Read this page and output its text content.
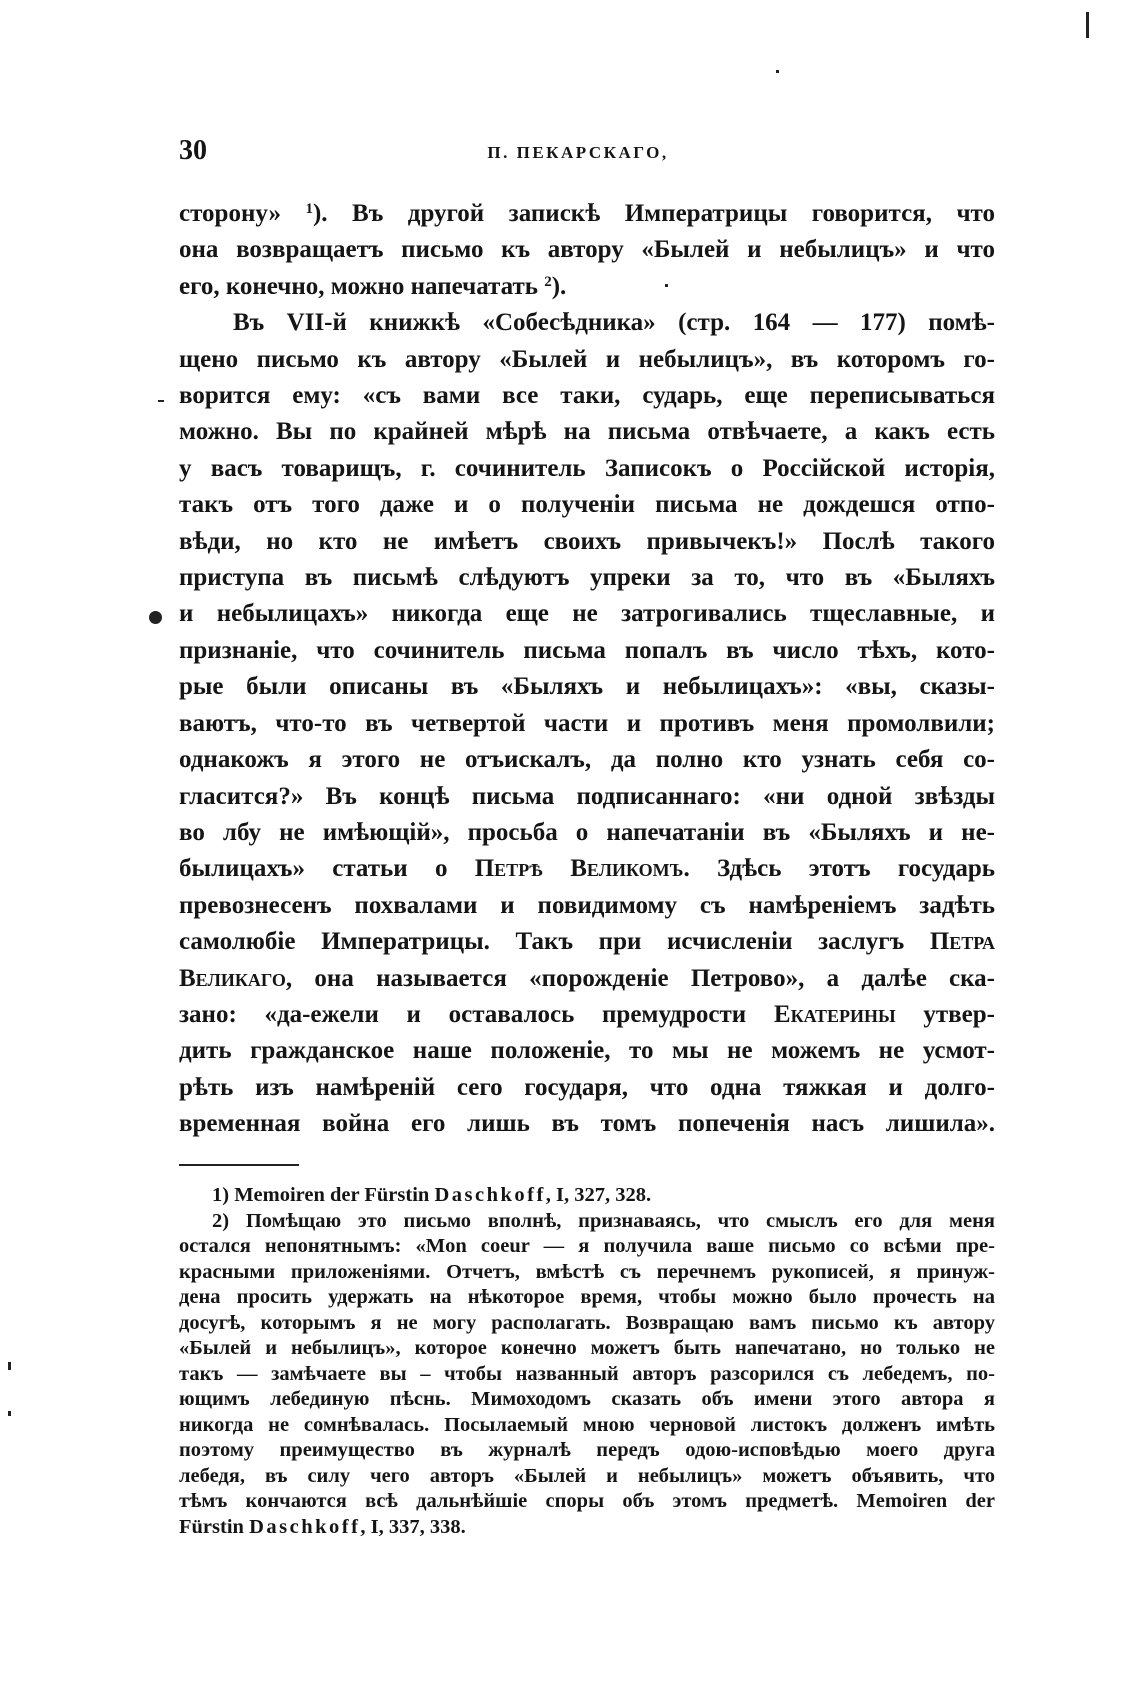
30	П. ПЕКАРСКАГО,
сторону» $^1$). Въ другой запискѣ Императрицы говорится, что
она возвращаетъ письмо къ автору «Былей и небылицъ» и что
его, конечно, можно напечатать $^2$).
Въ VII-й книжкѣ «Собесѣдника» (стр. 164 — 177) помѣ-
щено письмо къ автору «Былей и небылицъ», въ которомъ го-
ворится ему: «съ вами все таки, сударь, еще переписываться
можно. Вы по крайней мѣрѣ на письма отвѣчаете, а какъ есть
у васъ товарищъ, г. сочинитель Записокъ о Россійской исторія,
такъ отъ того даже и о полученіи письма не дождешся отпо-
вѣди, но кто не имѣетъ своихъ привычекъ!» Послѣ такого
приступа въ письмѣ слѣдуютъ упреки за то, что въ «Быляхъ
и небылицахъ» никогда еще не затрогивались тщеславные, и
признаніе, что сочинитель письма попалъ въ число тѣхъ, кото-
рые были описаны въ «Быляхъ и небылицахъ»: «вы, сказы-
ваютъ, что-то въ четвертой части и противъ меня промолвили;
однакожъ я этого не отъискалъ, да полно кто узнать себя со-
гласится?» Въ концѣ письма подписаннаго: «ни одной звѣзды
во лбу не имѣющій», просьба о напечатаніи въ «Быляхъ и не-
былицахъ» статьи о Петрѣ Великомъ. Здѣсь этотъ государь
превознесенъ похвалами и повидимому съ намѣреніемъ задѣть
самолюбіе Императрицы. Такъ при исчисленіи заслугъ Петра
Великаго, она называется «порожденіе Петрово», а далѣе ска-
зано: «да-ежели и оставалось премудрости Екатерины утвер-
дить гражданское наше положеніе, то мы не можемъ не усмот-
рѣть изъ намѣреній сего государя, что одна тяжкая и долго-
временная война его лишь въ томъ попеченія насъ лишила».
1) Memoiren der Fürstin Daschkoff, I, 327, 328.
2) Помѣщаю это письмо вполнѣ, признаваясь, что смыслъ его для меня
остался непонятнымъ: «Mon coeur — я получила ваше письмо со всѣми пре-
красными приложеніями. Отчетъ, вмѣстѣ съ перечнемъ рукописей, я принуж-
дена просить удержать на нѣкоторое время, чтобы можно было прочесть на
досугѣ, которымъ я не могу располагать. Возвращаю вамъ письмо къ автору
«Былей и небылицъ», которое конечно можетъ быть напечатано, но только не
такъ — замѣчаете вы – чтобы названный авторъ разсорился съ лебедемъ, по-
ющимъ лебединую пѣснь. Мимоходомъ сказать объ имени этого автора я
никогда не сомнѣвалась. Посылаемый мною черновой листокъ долженъ имѣть
поэтому преимущество въ журналѣ передъ одою-исповѣдью моего друга
лебедя, въ силу чего авторъ «Былей и небылицъ» можетъ объявить, что
тѣмъ кончаются всѣ дальнѣйшіе споры объ этомъ предметѣ. Memoiren der
Fürstin Daschkoff, I, 337, 338.
